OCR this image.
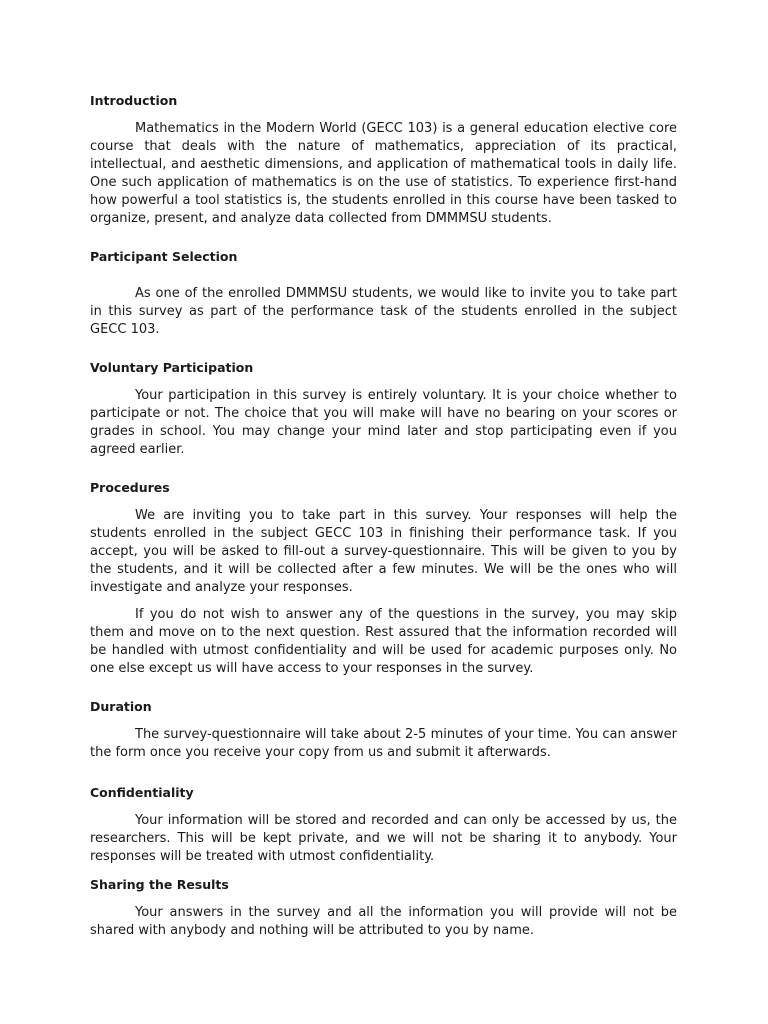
Introduction

Mathematics in the Modern World (GECC 103) is a general education elective core course that deals with the nature of mathematics, appreciation of its practical, intellectual, and aesthetic dimensions, and application of mathematical tools in daily life. One such application of mathematics is on the use of statistics. To experience first-hand how powerful a tool statistics is, the students enrolled in this course have been tasked to organize, present, and analyze data collected from DMMMSU students.

Participant Selection

As one of the enrolled DMMMSU students, we would like to invite you to take part in this survey as part of the performance task of the students enrolled in the subject GECC 103.

Voluntary Participation

Your participation in this survey is entirely voluntary. It is your choice whether to participate or not. The choice that you will make will have no bearing on your scores or grades in school. You may change your mind later and stop participating even if you agreed earlier.

Procedures

We are inviting you to take part in this survey. Your responses will help the students enrolled in the subject GECC 103 in finishing their performance task. If you accept, you will be asked to fill-out a survey-questionnaire. This will be given to you by the students, and it will be collected after a few minutes. We will be the ones who will investigate and analyze your responses.

If you do not wish to answer any of the questions in the survey, you may skip them and move on to the next question. Rest assured that the information recorded will be handled with utmost confidentiality and will be used for academic purposes only. No one else except us will have access to your responses in the survey.

Duration

The survey-questionnaire will take about 2-5 minutes of your time. You can answer the form once you receive your copy from us and submit it afterwards.

Confidentiality

Your information will be stored and recorded and can only be accessed by us, the researchers. This will be kept private, and we will not be sharing it to anybody. Your responses will be treated with utmost confidentiality.

Sharing the Results

Your answers in the survey and all the information you will provide will not be shared with anybody and nothing will be attributed to you by name.
